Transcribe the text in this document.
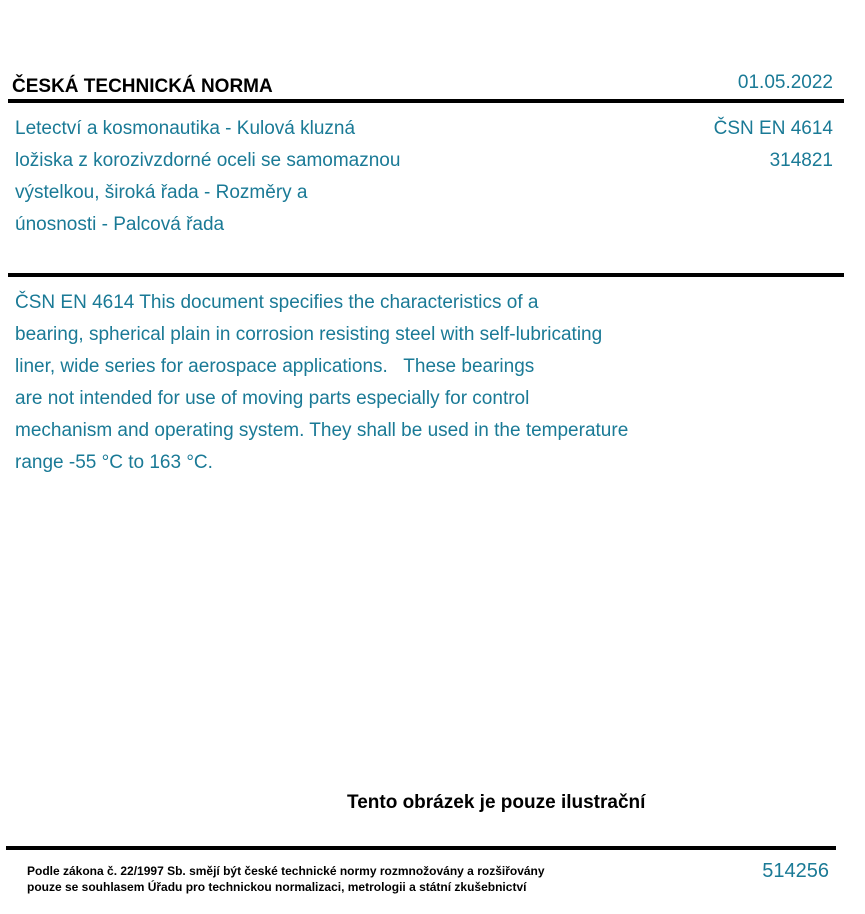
ČESKÁ TECHNICKÁ NORMA	01.05.2022
Letectví a kosmonautika - Kulová kluzná
ložiska z korozivzdorné oceli se samomaznou
výstelkou, široká řada - Rozměry a
únosnosti - Palcová řada
ČSN EN 4614
314821
ČSN EN 4614 This document specifies the characteristics of a
bearing, spherical plain in corrosion resisting steel with self-lubricating
liner, wide series for aerospace applications.   These bearings
are not intended for use of moving parts especially for control
mechanism and operating system. They shall be used in the temperature
range -55 °C to 163 °C.
Tento obrázek je pouze ilustrační
Podle zákona č. 22/1997 Sb. smějí být české technické normy rozmnožovány a rozšiřovány
pouze se souhlasem Úřadu pro technickou normalizaci, metrologii a státní zkušebnictví
514256
